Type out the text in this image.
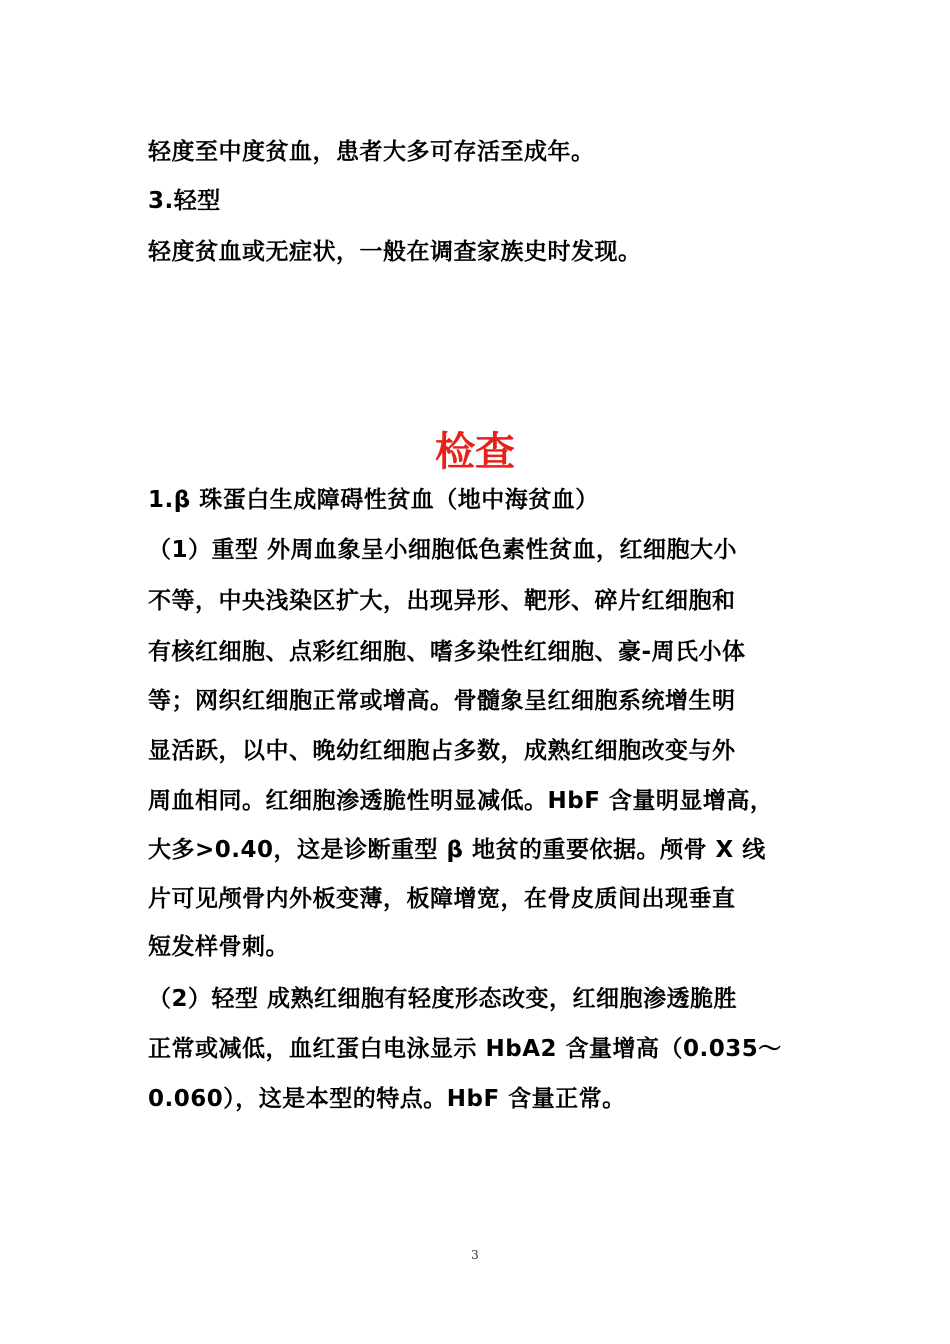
轻度至中度贫血，患者大多可存活至成年。
3.轻型
轻度贫血或无症状，一般在调查家族史时发现。
检查
1.β 珠蛋白生成障碍性贫血（地中海贫血）
（1）重型 外周血象呈小细胞低色素性贫血，红细胞大小
不等，中央浅染区扩大，出现异形、靶形、碎片红细胞和
有核红细胞、点彩红细胞、嗜多染性红细胞、豪-周氏小体
等；网织红细胞正常或增高。骨髓象呈红细胞系统增生明
显活跃，以中、晚幼红细胞占多数，成熟红细胞改变与外
周血相同。红细胞渗透脆性明显减低。HbF 含量明显增高，
大多>0.40，这是诊断重型 β 地贫的重要依据。颅骨 X 线
片可见颅骨内外板变薄，板障增宽，在骨皮质间出现垂直
短发样骨刺。
（2）轻型 成熟红细胞有轻度形态改变，红细胞渗透脆胜
正常或减低，血红蛋白电泳显示 HbA2 含量增高（0.035～
0.060），这是本型的特点。HbF 含量正常。
3
